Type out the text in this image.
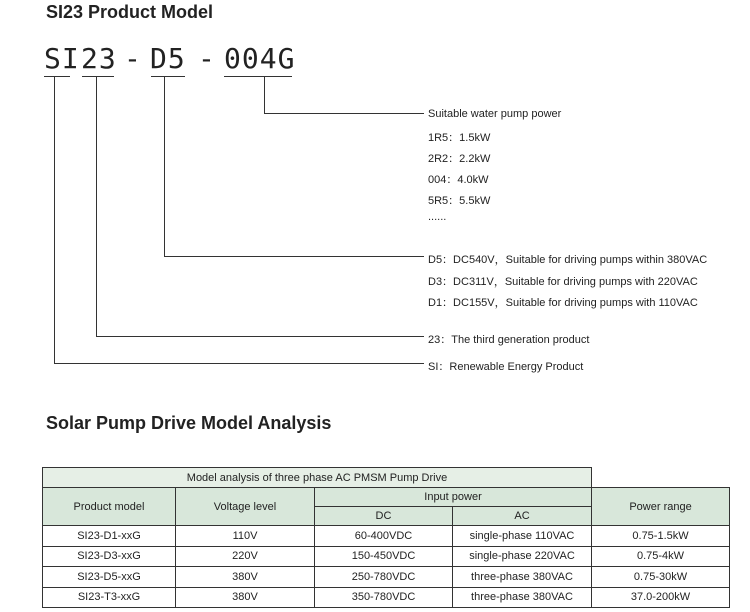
SI23 Product Model
SI 23 - D5 - 004G
Suitable water pump power
1R5：1.5kW
2R2：2.2kW
004：4.0kW
5R5：5.5kW
......
D5：DC540V，Suitable for driving pumps within 380VAC
D3：DC311V，Suitable for driving pumps with 220VAC
D1：DC155V，Suitable for driving pumps with 110VAC
23：The third generation product
SI：Renewable Energy Product
Solar Pump Drive Model Analysis
Model analysis of three phase AC PMSM Pump Drive				
Product model	Voltage level	Input power		Power range
		DC	AC	
SI23-D1-xxG	110V	60-400VDC	single-phase 110VAC	0.75-1.5kW
SI23-D3-xxG	220V	150-450VDC	single-phase 220VAC	0.75-4kW
SI23-D5-xxG	380V	250-780VDC	three-phase 380VAC	0.75-30kW
SI23-T3-xxG	380V	350-780VDC	three-phase 380VAC	37.0-200kW
